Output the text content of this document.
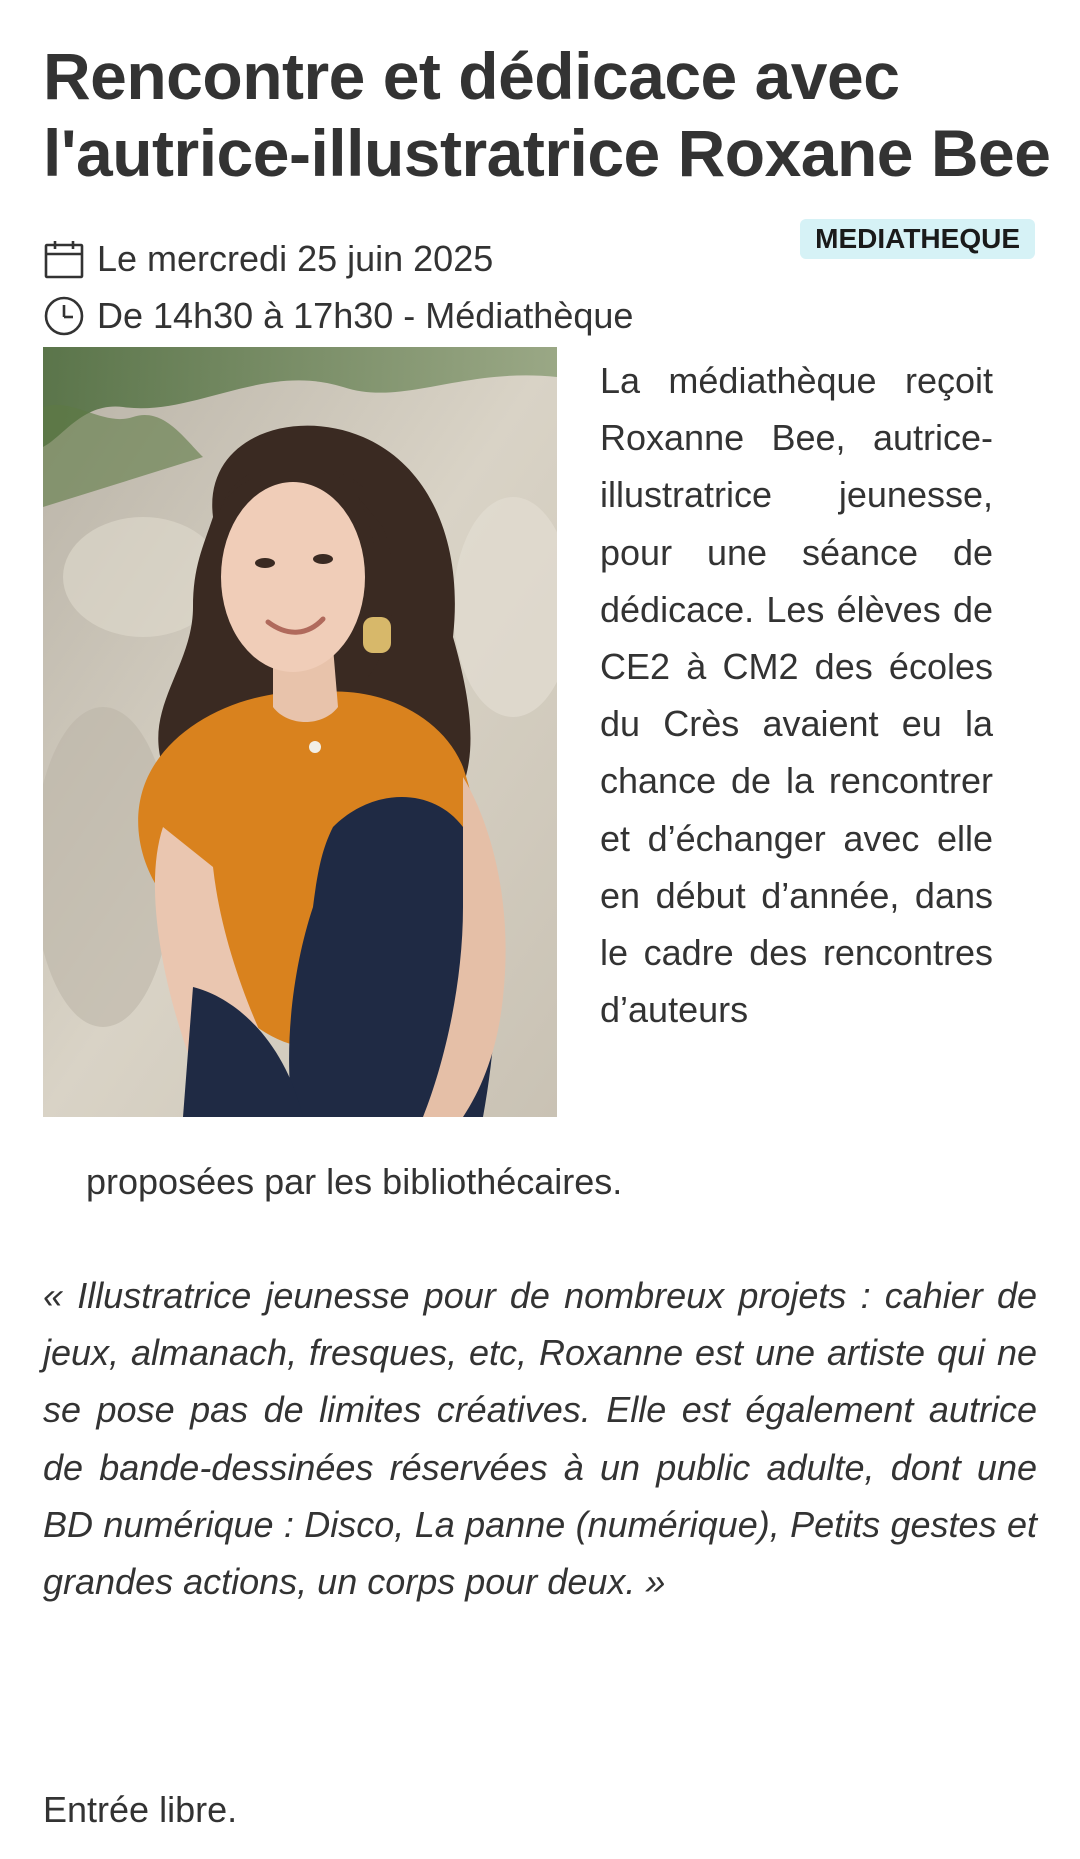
Rencontre et dédicace avec l'autrice-illustratrice Roxane Bee
MEDIATHEQUE
Le mercredi 25 juin 2025
De 14h30 à 17h30 - Médiathèque

La médiathèque reçoit Roxanne Bee, autrice-illustratrice jeunesse, pour une séance de dédicace. Les élèves de CE2 à CM2 des écoles du Crès avaient eu la chance de la rencontrer et d’échanger avec elle en début d’année, dans le cadre des rencontres d’auteurs

proposées par les bibliothécaires.

« Illustratrice jeunesse pour de nombreux projets : cahier de jeux, almanach, fresques, etc, Roxanne est une artiste qui ne se pose pas de limites créatives. Elle est également autrice de bande-dessinées réservées à un public adulte, dont une BD numérique : Disco, La panne (numérique), Petits gestes et grandes actions, un corps pour deux. »

Entrée libre.
